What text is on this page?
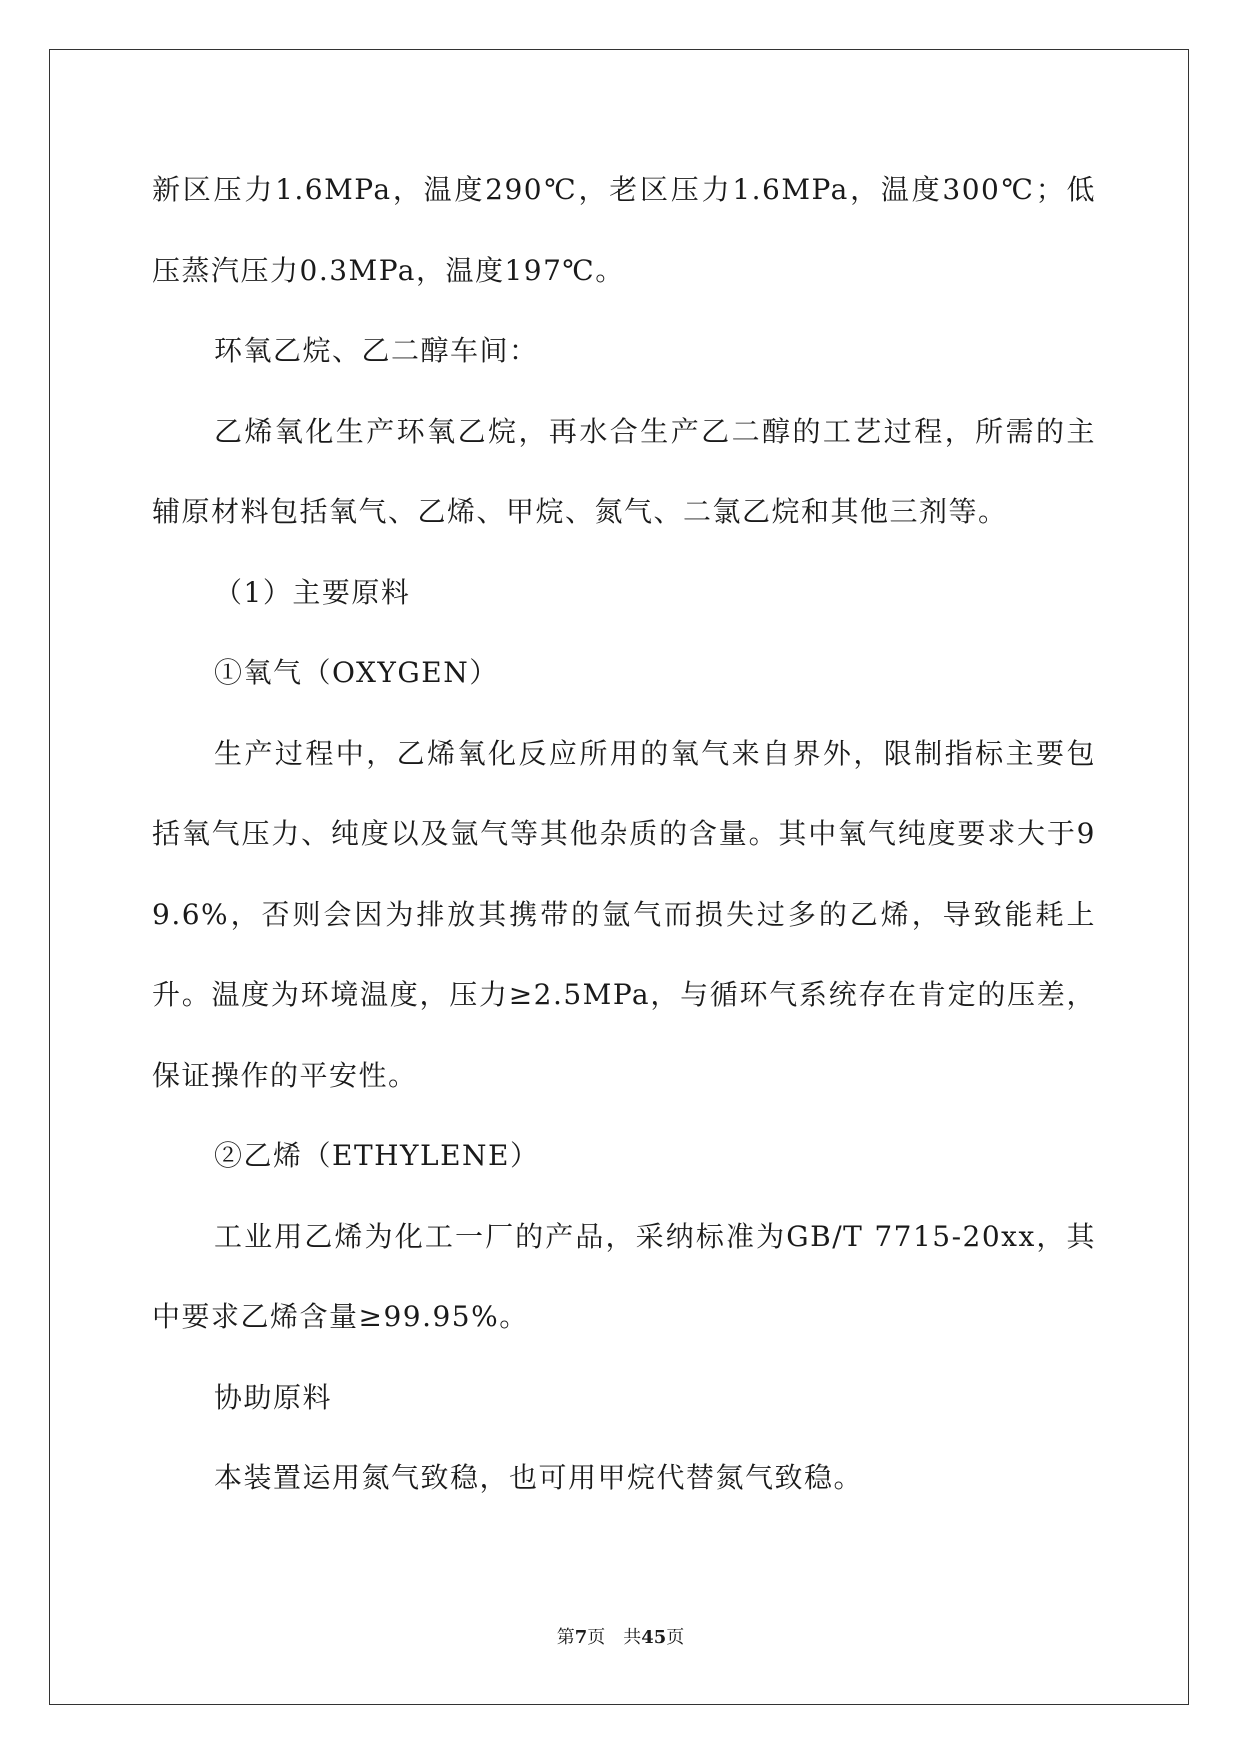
新区压力1.6MPa，温度290℃，老区压力1.6MPa，温度300℃；低压蒸汽压力0.3MPa，温度197℃。

环氧乙烷、乙二醇车间：

乙烯氧化生产环氧乙烷，再水合生产乙二醇的工艺过程，所需的主辅原材料包括氧气、乙烯、甲烷、氮气、二氯乙烷和其他三剂等。

（1）主要原料

①氧气（OXYGEN）

生产过程中，乙烯氧化反应所用的氧气来自界外，限制指标主要包括氧气压力、纯度以及氩气等其他杂质的含量。其中氧气纯度要求大于99.6%，否则会因为排放其携带的氩气而损失过多的乙烯，导致能耗上升。温度为环境温度，压力≥2.5MPa，与循环气系统存在肯定的压差，保证操作的平安性。

②乙烯（ETHYLENE）

工业用乙烯为化工一厂的产品，采纳标准为GB/T 7715-20xx，其中要求乙烯含量≥99.95%。

协助原料

本装置运用氮气致稳，也可用甲烷代替氮气致稳。

第7页 共45页
